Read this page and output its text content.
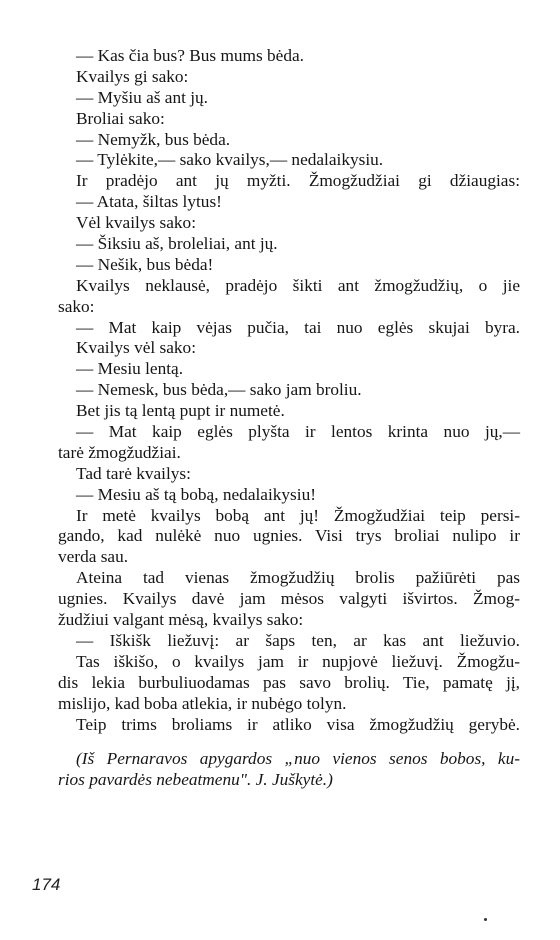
— Kas čia bus? Bus mums bėda.
Kvailys gi sako:
— Myšiu aš ant jų.
Broliai sako:
— Nemyžk, bus bėda.
— Tylėkite,— sako kvailys,— nedalaikysiu.
Ir pradėjo ant jų myžti. Žmogžudžiai gi džiaugias:
— Atata, šiltas lytus!
Vėl kvailys sako:
— Šiksiu aš, broleliai, ant jų.
— Nešik, bus bėda!
Kvailys neklausė, pradėjo šikti ant žmogžudžių, o jie
sako:
— Mat kaip vėjas pučia, tai nuo eglės skujai byra.
Kvailys vėl sako:
— Mesiu lentą.
— Nemesk, bus bėda,— sako jam broliu.
Bet jis tą lentą pupt ir numetė.
— Mat kaip eglės plyšta ir lentos krinta nuo jų,—
tarė žmogžudžiai.
Tad tarė kvailys:
— Mesiu aš tą bobą, nedalaikysiu!
Ir metė kvailys bobą ant jų! Žmogžudžiai teip persi-
gando, kad nulėkė nuo ugnies. Visi trys broliai nulipo ir
verda sau.
Ateina tad vienas žmogžudžių brolis pažiūrėti pas
ugnies. Kvailys davė jam mėsos valgyti išvirtos. Žmog-
žudžiui valgant mėsą, kvailys sako:
— Iškišk liežuvį: ar šaps ten, ar kas ant liežuvio.
Tas iškišo, o kvailys jam ir nupjovė liežuvį. Žmogžu-
dis lekia burbuliuodamas pas savo brolių. Tie, pamatę jį,
mislijo, kad boba atlekia, ir nubėgo tolyn.
Teip trims broliams ir atliko visa žmogžudžių gerybė.
(Iš Pernaravos apygardos „nuo vienos senos bobos, ku-
rios pavardės nebeatmenu". J. Juškytė.)
174
